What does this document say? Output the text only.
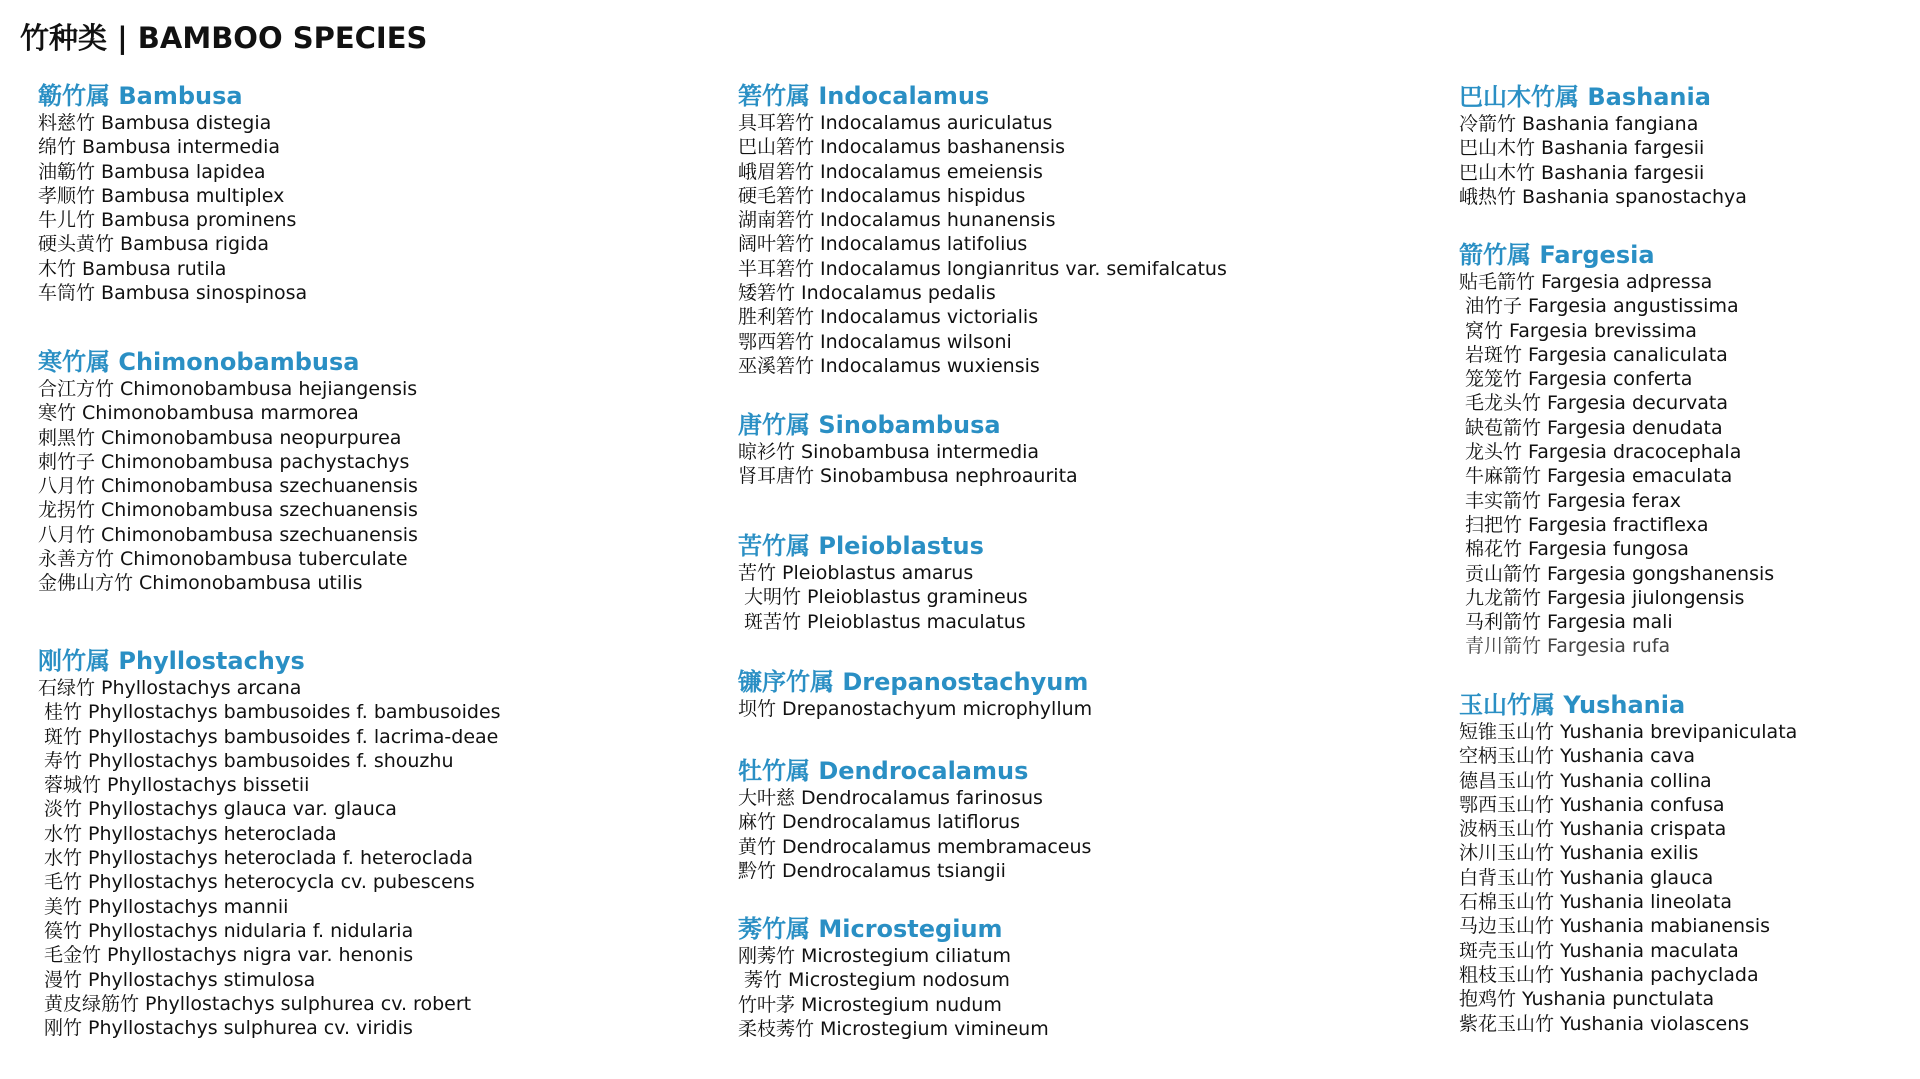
竹种类 | BAMBOO SPECIES
簕竹属 Bambusa
料慈竹 Bambusa distegia
绵竹 Bambusa intermedia
油簕竹 Bambusa lapidea
孝顺竹 Bambusa multiplex
牛儿竹 Bambusa prominens
硬头黄竹 Bambusa rigida
木竹 Bambusa rutila
车筒竹 Bambusa sinospinosa
寒竹属 Chimonobambusa
合江方竹 Chimonobambusa hejiangensis
寒竹 Chimonobambusa marmorea
刺黑竹 Chimonobambusa neopurpurea
刺竹子 Chimonobambusa pachystachys
八月竹 Chimonobambusa szechuanensis
龙拐竹 Chimonobambusa szechuanensis
八月竹 Chimonobambusa szechuanensis
永善方竹 Chimonobambusa tuberculate
金佛山方竹 Chimonobambusa utilis
刚竹属 Phyllostachys
石绿竹 Phyllostachys arcana
桂竹 Phyllostachys bambusoides f. bambusoides
斑竹 Phyllostachys bambusoides f. lacrima-deae
寿竹 Phyllostachys bambusoides f. shouzhu
蓉城竹 Phyllostachys bissetii
淡竹 Phyllostachys glauca var. glauca
水竹 Phyllostachys heteroclada
水竹 Phyllostachys heteroclada f. heteroclada
毛竹 Phyllostachys heterocycla cv. pubescens
美竹 Phyllostachys mannii
篌竹 Phyllostachys nidularia f. nidularia
毛金竹 Phyllostachys nigra var. henonis
漫竹 Phyllostachys stimulosa
黄皮绿筋竹 Phyllostachys sulphurea cv. robert
刚竹 Phyllostachys sulphurea cv. viridis
箬竹属 Indocalamus
具耳箬竹 Indocalamus auriculatus
巴山箬竹 Indocalamus bashanensis
峨眉箬竹 Indocalamus emeiensis
硬毛箬竹 Indocalamus hispidus
湖南箬竹 Indocalamus hunanensis
阔叶箬竹 Indocalamus latifolius
半耳箬竹 Indocalamus longianritus var. semifalcatus
矮箬竹 Indocalamus pedalis
胜利箬竹 Indocalamus victorialis
鄂西箬竹 Indocalamus wilsoni
巫溪箬竹 Indocalamus wuxiensis
唐竹属 Sinobambusa
晾衫竹 Sinobambusa intermedia
肾耳唐竹 Sinobambusa nephroaurita
苦竹属 Pleioblastus
苦竹 Pleioblastus amarus
大明竹 Pleioblastus gramineus
斑苦竹 Pleioblastus maculatus
镰序竹属 Drepanostachyum
坝竹 Drepanostachyum microphyllum
牡竹属 Dendrocalamus
大叶慈 Dendrocalamus farinosus
麻竹 Dendrocalamus latiflorus
黄竹 Dendrocalamus membramaceus
黔竹 Dendrocalamus tsiangii
莠竹属 Microstegium
刚莠竹 Microstegium ciliatum
莠竹 Microstegium nodosum
竹叶茅 Microstegium nudum
柔枝莠竹 Microstegium vimineum
巴山木竹属 Bashania
冷箭竹 Bashania fangiana
巴山木竹 Bashania fargesii
巴山木竹 Bashania fargesii
峨热竹 Bashania spanostachya
箭竹属 Fargesia
贴毛箭竹 Fargesia adpressa
油竹子 Fargesia angustissima
窝竹 Fargesia brevissima
岩斑竹 Fargesia canaliculata
笼笼竹 Fargesia conferta
毛龙头竹 Fargesia decurvata
缺苞箭竹 Fargesia denudata
龙头竹 Fargesia dracocephala
牛麻箭竹 Fargesia emaculata
丰实箭竹 Fargesia ferax
扫把竹 Fargesia fractiflexa
棉花竹 Fargesia fungosa
贡山箭竹 Fargesia gongshanensis
九龙箭竹 Fargesia jiulongensis
马利箭竹 Fargesia mali
青川箭竹 Fargesia rufa
玉山竹属 Yushania
短锥玉山竹 Yushania brevipaniculata
空柄玉山竹 Yushania cava
德昌玉山竹 Yushania collina
鄂西玉山竹 Yushania confusa
波柄玉山竹 Yushania crispata
沐川玉山竹 Yushania exilis
白背玉山竹 Yushania glauca
石棉玉山竹 Yushania lineolata
马边玉山竹 Yushania mabianensis
斑壳玉山竹 Yushania maculata
粗枝玉山竹 Yushania pachyclada
抱鸡竹 Yushania punctulata
紫花玉山竹 Yushania violascens
